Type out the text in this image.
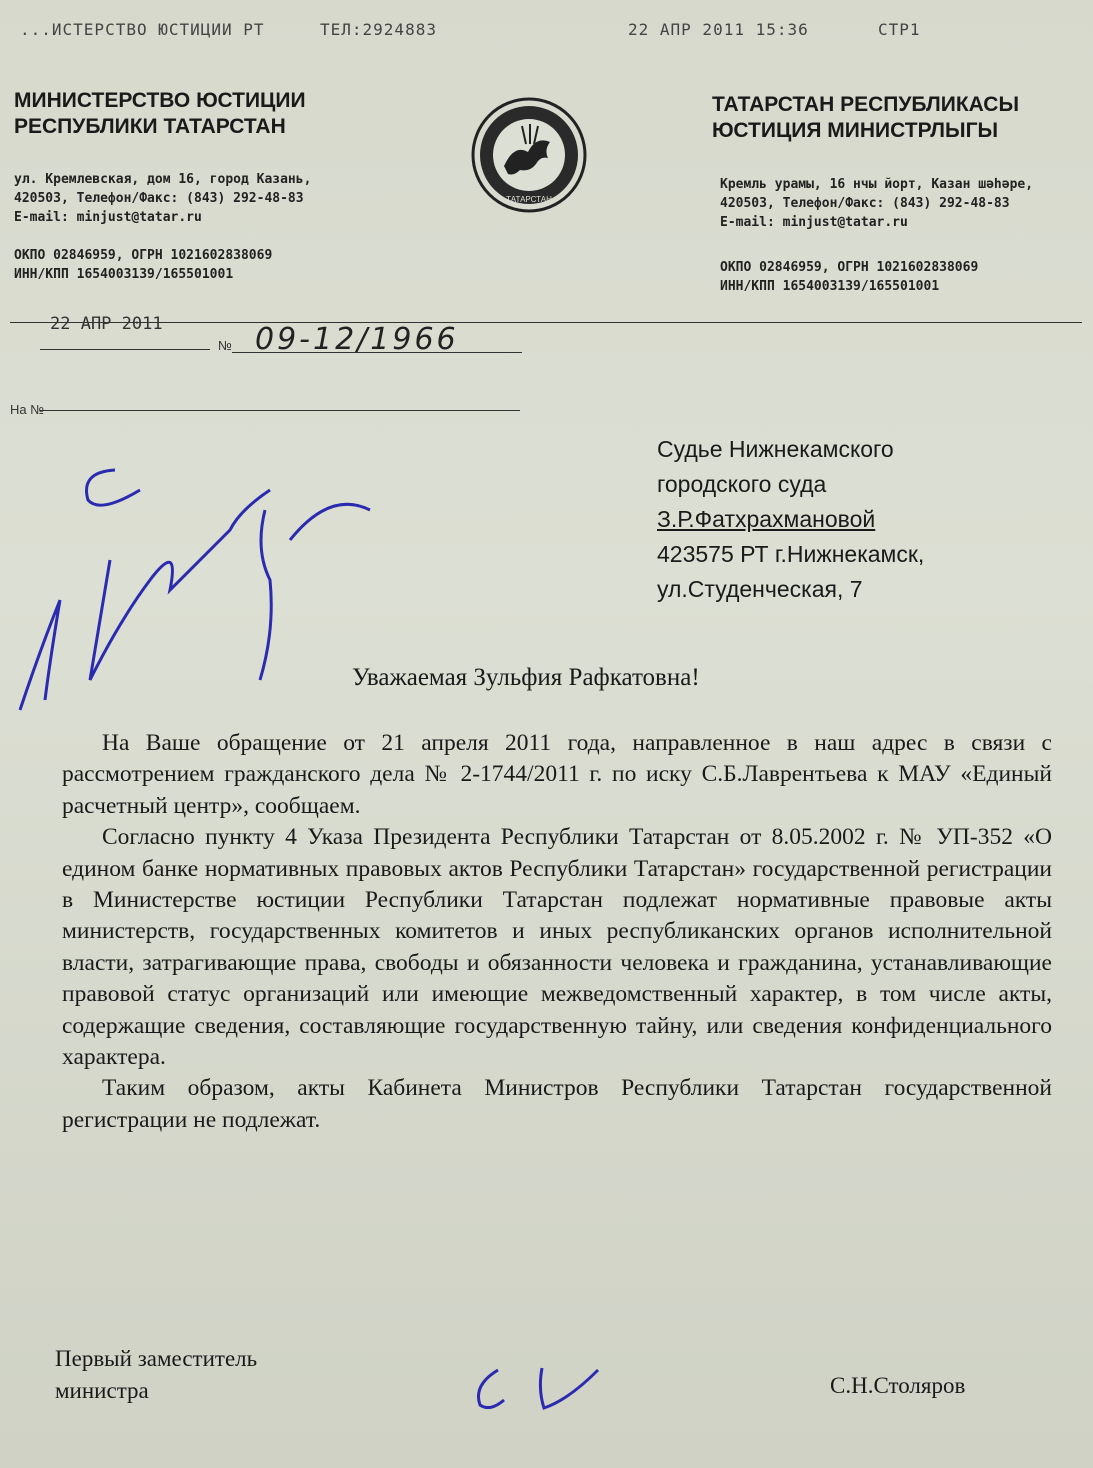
...ИСТЕРСТВО ЮСТИЦИИ РТ	ТЕЛ:2924883	22 АПР 2011 15:36	СТР1
МИНИСТЕРСТВО ЮСТИЦИИ
РЕСПУБЛИКИ ТАТАРСТАН
ул. Кремлевская, дом 16, город Казань,
420503, Телефон/Факс: (843) 292-48-83
E-mail: minjust@tatar.ru
ОКПО 02846959, ОГРН 1021602838069
ИНН/КПП 1654003139/165501001
ТАТАРСТАН
ТАТАРСТАН РЕСПУБЛИКАСЫ
ЮСТИЦИЯ МИНИСТРЛЫГЫ
Кремль урамы, 16 нчы йорт, Казан шәһәре,
420503, Телефон/Факс: (843) 292-48-83
E-mail: minjust@tatar.ru
ОКПО 02846959, ОГРН 1021602838069
ИНН/КПП 1654003139/165501001
22 АПР 2011
№ 09-12/1966
На №
Судье Нижнекамского
городского суда
З.Р.Фатхрахмановой
423575 РТ г.Нижнекамск,
ул.Студенческая, 7
Уважаемая Зульфия Рафкатовна!

На Ваше обращение от 21 апреля 2011 года, направленное в наш адрес в связи с рассмотрением гражданского дела № 2-1744/2011 г. по иску С.Б.Лаврентьева к МАУ «Единый расчетный центр», сообщаем.

Согласно пункту 4 Указа Президента Республики Татарстан от 8.05.2002 г. № УП-352 «О едином банке нормативных правовых актов Республики Татарстан» государственной регистрации в Министерстве юстиции Республики Татарстан подлежат нормативные правовые акты министерств, государственных комитетов и иных республиканских органов исполнительной власти, затрагивающие права, свободы и обязанности человека и гражданина, устанавливающие правовой статус организаций или имеющие межведомственный характер, в том числе акты, содержащие сведения, составляющие государственную тайну, или сведения конфиденциального характера.

Таким образом, акты Кабинета Министров Республики Татарстан государственной регистрации не подлежат.

Первый заместитель
министра	С.Н.Столяров
